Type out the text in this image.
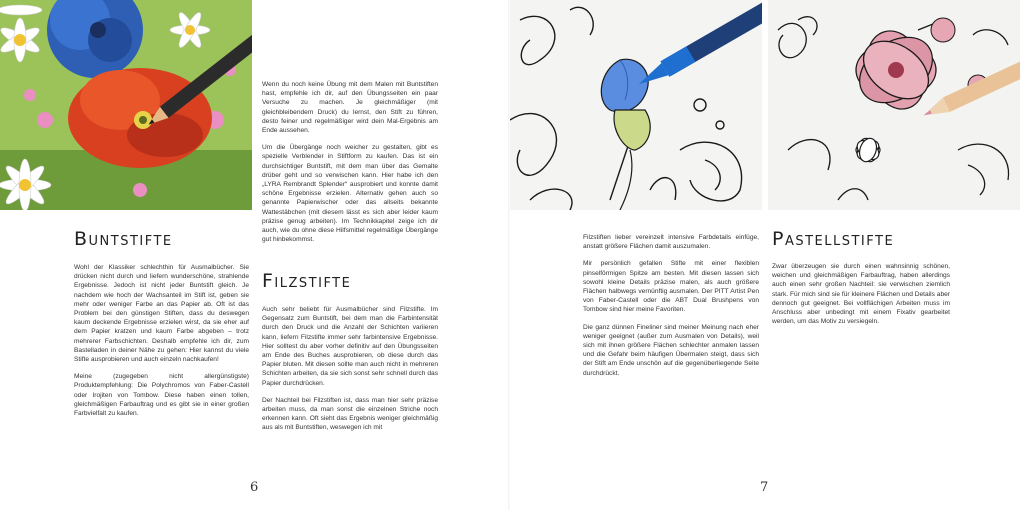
Buntstifte

Wohl der Klassiker schlechthin für Ausmalbücher. Sie drücken nicht durch und liefern wunderschöne, strahlende Ergebnisse. Jedoch ist nicht jeder Buntstift gleich. Je nachdem wie hoch der Wachsanteil im Stift ist, geben sie mehr oder weniger Farbe an das Papier ab. Oft ist das Problem bei den günstigen Stiften, dass du deswegen kaum deckende Ergebnisse erzielen wirst, da sie eher auf dem Papier kratzen und kaum Farbe abgeben – trotz mehrerer Farbschichten. Deshalb empfehle ich dir, zum Bastelladen in deiner Nähe zu gehen: Hier kannst du viele Stifte ausprobieren und auch einzeln nachkaufen!

Meine (zugegeben nicht allergünstigste) Produktempfehlung: Die Polychromos von Faber-Castell oder Irojiten von Tombow. Diese haben einen tollen, gleichmäßigen Farbauftrag und es gibt sie in einer großen Farbvielfalt zu kaufen.

Wenn du noch keine Übung mit dem Malen mit Buntstiften hast, empfehle ich dir, auf den Übungsseiten ein paar Versuche zu machen. Je gleichmäßiger (mit gleichbleibendem Druck) du lernst, den Stift zu führen, desto feiner und regelmäßiger wird dein Mal-Ergebnis am Ende aussehen.

Um die Übergänge noch weicher zu gestalten, gibt es spezielle Verblender in Stiftform zu kaufen. Das ist ein durchsichtiger Buntstift, mit dem man über das Gemalte drüber geht und so verwischen kann. Hier habe ich den „LYRA Rembrandt Splender“ ausprobiert und konnte damit schöne Ergebnisse erzielen. Alternativ gehen auch so genannte Papierwischer oder das allseits bekannte Wattestäbchen (mit diesem lässt es sich aber leider kaum präzise genug arbeiten). Im Technikkapitel zeige ich dir auch, wie du ohne diese Hilfsmittel regelmäßige Übergänge gut hinbekommst.

Filzstifte

Auch sehr beliebt für Ausmalbücher sind Filzstifte. Im Gegensatz zum Buntstift, bei dem man die Farbintensität durch den Druck und die Anzahl der Schichten variieren kann, liefern Filzstifte immer sehr farbintensive Ergebnisse. Hier solltest du aber vorher definitiv auf den Übungsseiten am Ende des Buches ausprobieren, ob diese durch das Papier bluten. Mit diesen sollte man auch nicht in mehreren Schichten arbeiten, da sie sich sonst sehr schnell durch das Papier durchdrücken.

Der Nachteil bei Filzstiften ist, dass man hier sehr präzise arbeiten muss, da man sonst die einzelnen Striche noch erkennen kann. Oft sieht das Ergebnis weniger gleichmäßig aus als mit Buntstiften, weswegen ich mit

6

Filzstiften lieber vereinzelt intensive Farbdetails einfüge, anstatt größere Flächen damit auszumalen.

Mir persönlich gefallen Stifte mit einer flexiblen pinselförmigen Spitze am besten. Mit diesen lassen sich sowohl kleine Details präzise malen, als auch größere Flächen halbwegs vernünftig ausmalen. Der PITT Artist Pen von Faber-Castell oder die ABT Dual Brushpens von Tombow sind hier meine Favoriten.

Die ganz dünnen Fineliner sind meiner Meinung nach eher weniger geeignet (außer zum Ausmalen von Details), weil sich mit ihnen größere Flächen schlechter anmalen lassen und die Gefahr beim häufigen Übermalen steigt, dass sich der Stift am Ende unschön auf die gegenüberliegende Seite durchdrückt.

Pastellstifte

Zwar überzeugen sie durch einen wahnsinnig schönen, weichen und gleichmäßigen Farbauftrag, haben allerdings auch einen sehr großen Nachteil: sie verwischen ziemlich stark. Für mich sind sie für kleinere Flächen und Details aber dennoch gut geeignet. Bei vollflächigen Arbeiten muss im Anschluss aber unbedingt mit einem Fixativ gearbeitet werden, um das Motiv zu versiegeln.

7
